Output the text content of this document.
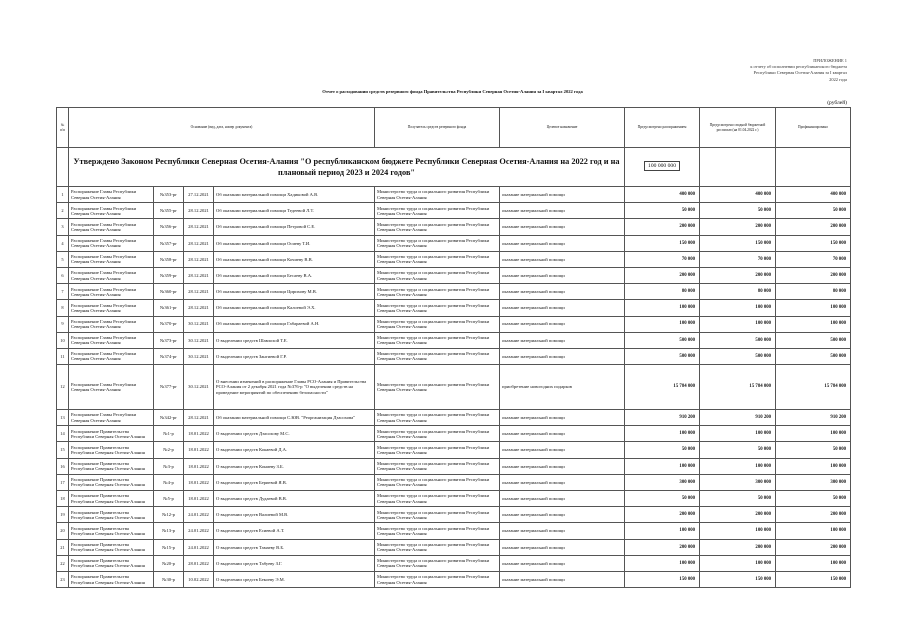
ПРИЛОЖЕНИЕ 1
к отчету об исполнении республиканского бюджета
Республики Северная Осетия-Алания за I квартал
2022 года
Отчет о расходовании средств резервного фонда Правительства Республики Северная Осетия-Алания за I квартал 2022 года
(рублей)
№ п/п	Основание (вид, дата, номер документа)				Получатель средств резервного фонда	Целевое назначение	Предусмотрено распоряжением	Предусмотрено сводной бюджетной росписью (на 01.04.2022 г.)	Профинансировано
	Утверждено Законом Республики Северная Осетия-Алания "О республиканском бюджете Республики Северная Осетия-Алания на 2022 год и на плановый период 2023 и 2024 годов"						100 000 000		
1	Распоряжение Главы Республики Северная Осетия-Алания	№353-рг	27.12.2021	Об оказании материальной помощи Хадиковой А.В.	Министерство труда и социального развития Республики Северная Осетия-Алания	оказание материальной помощи	400 000	400 000	400 000
2	Распоряжение Главы Республики Северная Осетия-Алания	№355-рг	28.12.2021	Об оказании материальной помощи Тедеевой Л.Т.	Министерство труда и социального развития Республики Северная Осетия-Алания	оказание материальной помощи	50 000	50 000	50 000
3	Распоряжение Главы Республики Северная Осетия-Алания	№356-рг	28.12.2021	Об оказании материальной помощи Петровой С.Е.	Министерство труда и социального развития Республики Северная Осетия-Алания	оказание материальной помощи	200 000	200 000	200 000
4	Распоряжение Главы Республики Северная Осетия-Алания	№357-рг	28.12.2021	Об оказании материальной помощи Осиеву Т.И.	Министерство труда и социального развития Республики Северная Осетия-Алания	оказание материальной помощи	150 000	150 000	150 000
5	Распоряжение Главы Республики Северная Осетия-Алания	№358-рг	28.12.2021	Об оказании материальной помощи Кочиеву В.В.	Министерство труда и социального развития Республики Северная Осетия-Алания	оказание материальной помощи	70 000	70 000	70 000
6	Распоряжение Главы Республики Северная Осетия-Алания	№359-рг	28.12.2021	Об оказании материальной помощи Бесаеву В.А.	Министерство труда и социального развития Республики Северная Осетия-Алания	оказание материальной помощи	200 000	200 000	200 000
7	Распоряжение Главы Республики Северная Осетия-Алания	№360-рг	28.12.2021	Об оказании материальной помощи Цирихову М.В.	Министерство труда и социального развития Республики Северная Осетия-Алания	оказание материальной помощи	80 000	80 000	80 000
8	Распоряжение Главы Республики Северная Осетия-Алания	№361-рг	28.12.2021	Об оказании материальной помощи Калоевой Э.Х.	Министерство труда и социального развития Республики Северная Осетия-Алания	оказание материальной помощи	100 000	100 000	100 000
9	Распоряжение Главы Республики Северная Осетия-Алания	№370-рг	30.12.2021	Об оказании материальной помощи Габараевой А.Н.	Министерство труда и социального развития Республики Северная Осетия-Алания	оказание материальной помощи	100 000	100 000	100 000
10	Распоряжение Главы Республики Северная Осетия-Алания	№373-рг	30.12.2021	О выделении средств Шавлохой Т.Е.	Министерство труда и социального развития Республики Северная Осетия-Алания	оказание материальной помощи	500 000	500 000	500 000
11	Распоряжение Главы Республики Северная Осетия-Алания	№374-рг	30.12.2021	О выделении средств Зангиевой Г.Р.	Министерство труда и социального развития Республики Северная Осетия-Алания	оказание материальной помощи	500 000	500 000	500 000
12	Распоряжение Главы Республики Северная Осетия-Алания	№377-рг	30.12.2021	О внесении изменений в распоряжение Главы РСО-Алания и Правительства РСО-Алания от 2 декабря 2021 года №376-р "О выделении средств на проведение мероприятий по обеспечению безопасности"	Министерство труда и социального развития Республики Северная Осетия-Алания	приобретение новогодних подарков	15 784 000	15 784 000	15 784 000
13	Распоряжение Главы Республики Северная Осетия-Алания	№342-рг	28.12.2021	Об оказании материальной помощи С.ЮВ. "Реорганизация Дзасохова"	Министерство труда и социального развития Республики Северная Осетия-Алания	оказание материальной помощи	910 200	910 200	910 200
14	Распоряжение Правительства Республики Северная Осетия-Алания	№1-р	18.01.2022	О выделении средств Дзасохову М.С.	Министерство труда и социального развития Республики Северная Осетия-Алания	оказание материальной помощи	100 000	100 000	100 000
15	Распоряжение Правительства Республики Северная Осетия-Алания	№2-р	18.01.2022	О выделении средств Кокаевой Д.А.	Министерство труда и социального развития Республики Северная Осетия-Алания	оказание материальной помощи	50 000	50 000	50 000
16	Распоряжение Правительства Республики Северная Осетия-Алания	№3-р	18.01.2022	О выделении средств Кониеву З.Б.	Министерство труда и социального развития Республики Северная Осетия-Алания	оказание материальной помощи	100 000	100 000	100 000
17	Распоряжение Правительства Республики Северная Осетия-Алания	№4-р	18.01.2022	О выделении средств Бериевой Я.В.	Министерство труда и социального развития Республики Северная Осетия-Алания	оказание материальной помощи	300 000	300 000	300 000
18	Распоряжение Правительства Республики Северная Осетия-Алания	№5-р	18.01.2022	О выделении средств Дудаевой В.В.	Министерство труда и социального развития Республики Северная Осетия-Алания	оказание материальной помощи	50 000	50 000	50 000
19	Распоряжение Правительства Республики Северная Осетия-Алания	№12-р	24.01.2022	О выделении средств Валиевой М.В.	Министерство труда и социального развития Республики Северная Осетия-Алания	оказание материальной помощи	200 000	200 000	200 000
20	Распоряжение Правительства Республики Северная Осетия-Алания	№13-р	24.01.2022	О выделении средств Есиевой А.Т.	Министерство труда и социального развития Республики Северная Осетия-Алания	оказание материальной помощи	100 000	100 000	100 000
21	Распоряжение Правительства Республики Северная Осетия-Алания	№15-р	24.01.2022	О выделении средств Тамаеву В.Б.	Министерство труда и социального развития Республики Северная Осетия-Алания	оказание материальной помощи	200 000	200 000	200 000
22	Распоряжение Правительства Республики Северная Осетия-Алания	№20-р	28.01.2022	О выделении средств Табуеву З.Г.	Министерство труда и социального развития Республики Северная Осетия-Алания	оказание материальной помощи	100 000	100 000	100 000
23	Распоряжение Правительства Республики Северная Осетия-Алания	№30-р	10.02.2022	О выделении средств Бекоеву Э.М.	Министерство труда и социального развития Республики Северная Осетия-Алания	оказание материальной помощи	150 000	150 000	150 000
